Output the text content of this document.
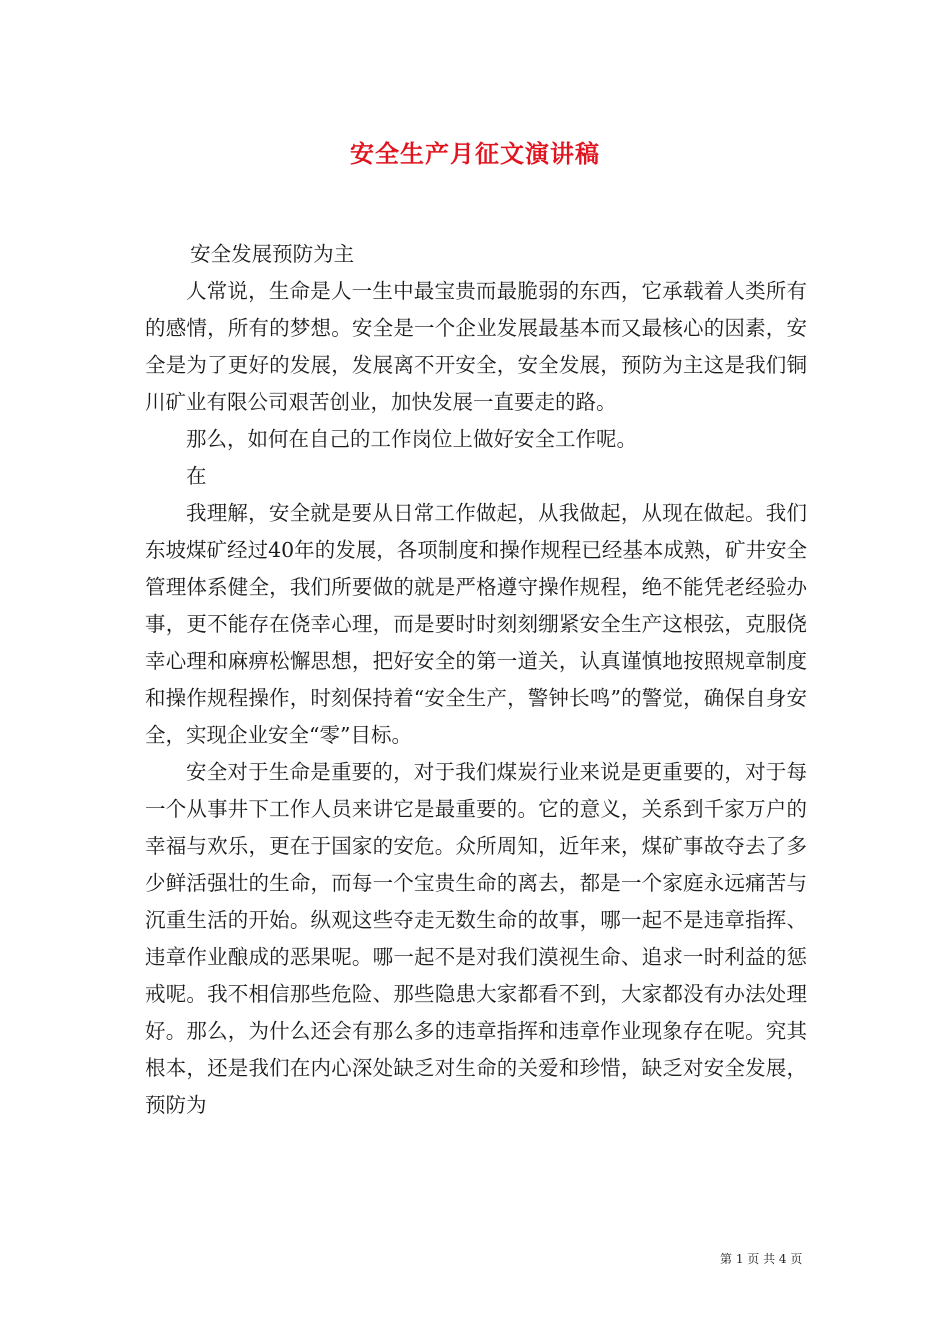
安全生产月征文演讲稿

安全发展预防为主

人常说，生命是人一生中最宝贵而最脆弱的东西，它承载着人类所有的感情，所有的梦想。安全是一个企业发展最基本而又最核心的因素，安全是为了更好的发展，发展离不开安全，安全发展，预防为主这是我们铜川矿业有限公司艰苦创业，加快发展一直要走的路。

那么，如何在自己的工作岗位上做好安全工作呢。

在

我理解，安全就是要从日常工作做起，从我做起，从现在做起。我们东坡煤矿经过40年的发展，各项制度和操作规程已经基本成熟，矿井安全管理体系健全，我们所要做的就是严格遵守操作规程，绝不能凭老经验办事，更不能存在侥幸心理，而是要时时刻刻绷紧安全生产这根弦，克服侥幸心理和麻痹松懈思想，把好安全的第一道关，认真谨慎地按照规章制度和操作规程操作，时刻保持着“安全生产，警钟长鸣”的警觉，确保自身安全，实现企业安全“零”目标。

安全对于生命是重要的，对于我们煤炭行业来说是更重要的，对于每一个从事井下工作人员来讲它是最重要的。它的意义，关系到千家万户的幸福与欢乐，更在于国家的安危。众所周知，近年来，煤矿事故夺去了多少鲜活强壮的生命，而每一个宝贵生命的离去，都是一个家庭永远痛苦与沉重生活的开始。纵观这些夺走无数生命的故事，哪一起不是违章指挥、违章作业酿成的恶果呢。哪一起不是对我们漠视生命、追求一时利益的惩戒呢。我不相信那些危险、那些隐患大家都看不到，大家都没有办法处理好。那么，为什么还会有那么多的违章指挥和违章作业现象存在呢。究其根本，还是我们在内心深处缺乏对生命的关爱和珍惜，缺乏对安全发展，预防为

第 1 页 共 4 页
